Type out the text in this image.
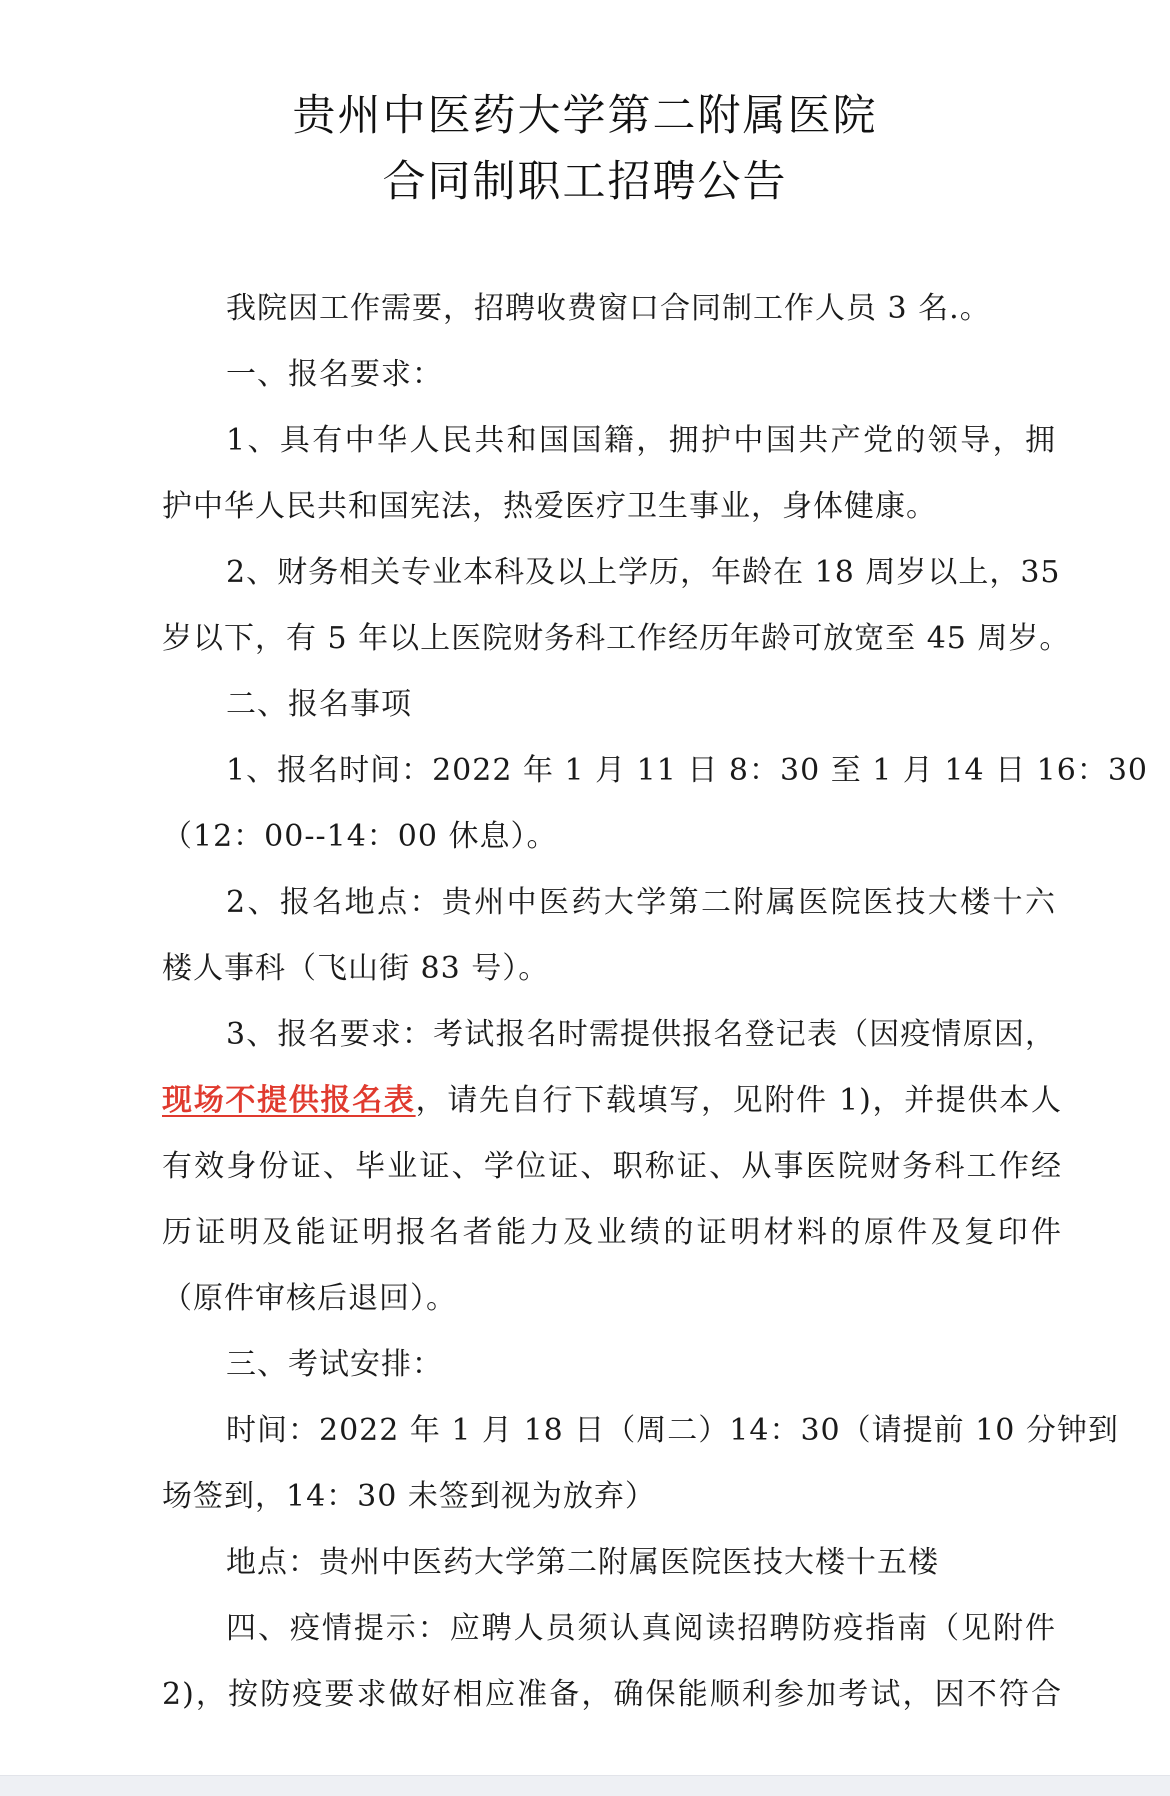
贵州中医药大学第二附属医院
合同制职工招聘公告
我院因工作需要，招聘收费窗口合同制工作人员 3 名.。
一、报名要求：
1、具有中华人民共和国国籍，拥护中国共产党的领导，拥
护中华人民共和国宪法，热爱医疗卫生事业，身体健康。
2、财务相关专业本科及以上学历，年龄在 18 周岁以上，35
岁以下，有 5 年以上医院财务科工作经历年龄可放宽至 45 周岁。
二、报名事项
1、报名时间：2022 年 1 月 11 日 8：30 至 1 月 14 日 16：30
（12：00--14：00 休息）。
2、报名地点：贵州中医药大学第二附属医院医技大楼十六
楼人事科（飞山街 83 号）。
3、报名要求：考试报名时需提供报名登记表（因疫情原因，
现场不提供报名表，请先自行下载填写，见附件 1)，并提供本人
有效身份证、毕业证、学位证、职称证、从事医院财务科工作经
历证明及能证明报名者能力及业绩的证明材料的原件及复印件
（原件审核后退回）。
三、考试安排：
时间：2022 年 1 月 18 日（周二）14：30（请提前 10 分钟到
场签到，14：30 未签到视为放弃）
地点：贵州中医药大学第二附属医院医技大楼十五楼
四、疫情提示：应聘人员须认真阅读招聘防疫指南（见附件
2)，按防疫要求做好相应准备，确保能顺利参加考试，因不符合
